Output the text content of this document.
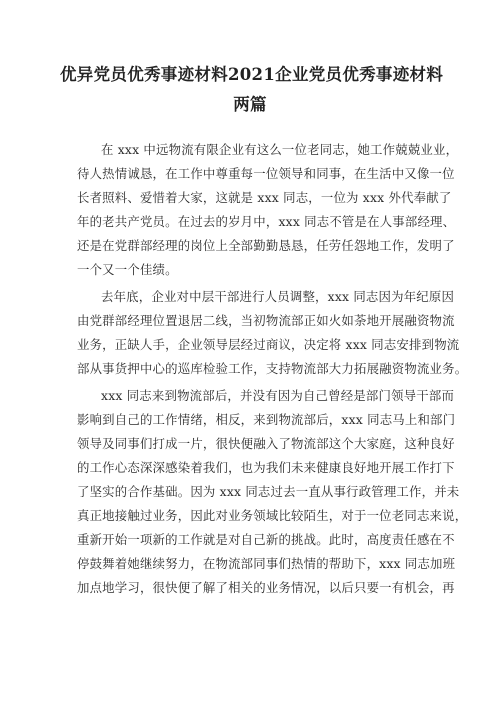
优异党员优秀事迹材料2021企业党员优秀事迹材料
两篇
在 xxx 中远物流有限企业有这么一位老同志，她工作兢兢业业，
待人热情诚恳，在工作中尊重每一位领导和同事，在生活中又像一位
长者照料、爱惜着大家，这就是 xxx 同志，一位为 xxx 外代奉献了
年的老共产党员。在过去的岁月中，xxx 同志不管是在人事部经理、
还是在党群部经理的岗位上全部勤勤恳恳，任劳任怨地工作，发明了
一个又一个佳绩。
去年底，企业对中层干部进行人员调整，xxx 同志因为年纪原因
由党群部经理位置退居二线，当初物流部正如火如荼地开展融资物流
业务，正缺人手，企业领导层经过商议，决定将 xxx 同志安排到物流
部从事货押中心的巡库检验工作，支持物流部大力拓展融资物流业务。
xxx 同志来到物流部后，并没有因为自己曾经是部门领导干部而
影响到自己的工作情绪，相反，来到物流部后，xxx 同志马上和部门
领导及同事们打成一片，很快便融入了物流部这个大家庭，这种良好
的工作心态深深感染着我们，也为我们未来健康良好地开展工作打下
了坚实的合作基础。因为 xxx 同志过去一直从事行政管理工作，并未
真正地接触过业务，因此对业务领域比较陌生，对于一位老同志来说，
重新开始一项新的工作就是对自己新的挑战。此时，高度责任感在不
停鼓舞着她继续努力，在物流部同事们热情的帮助下，xxx 同志加班
加点地学习，很快便了解了相关的业务情况，以后只要一有机会，再
